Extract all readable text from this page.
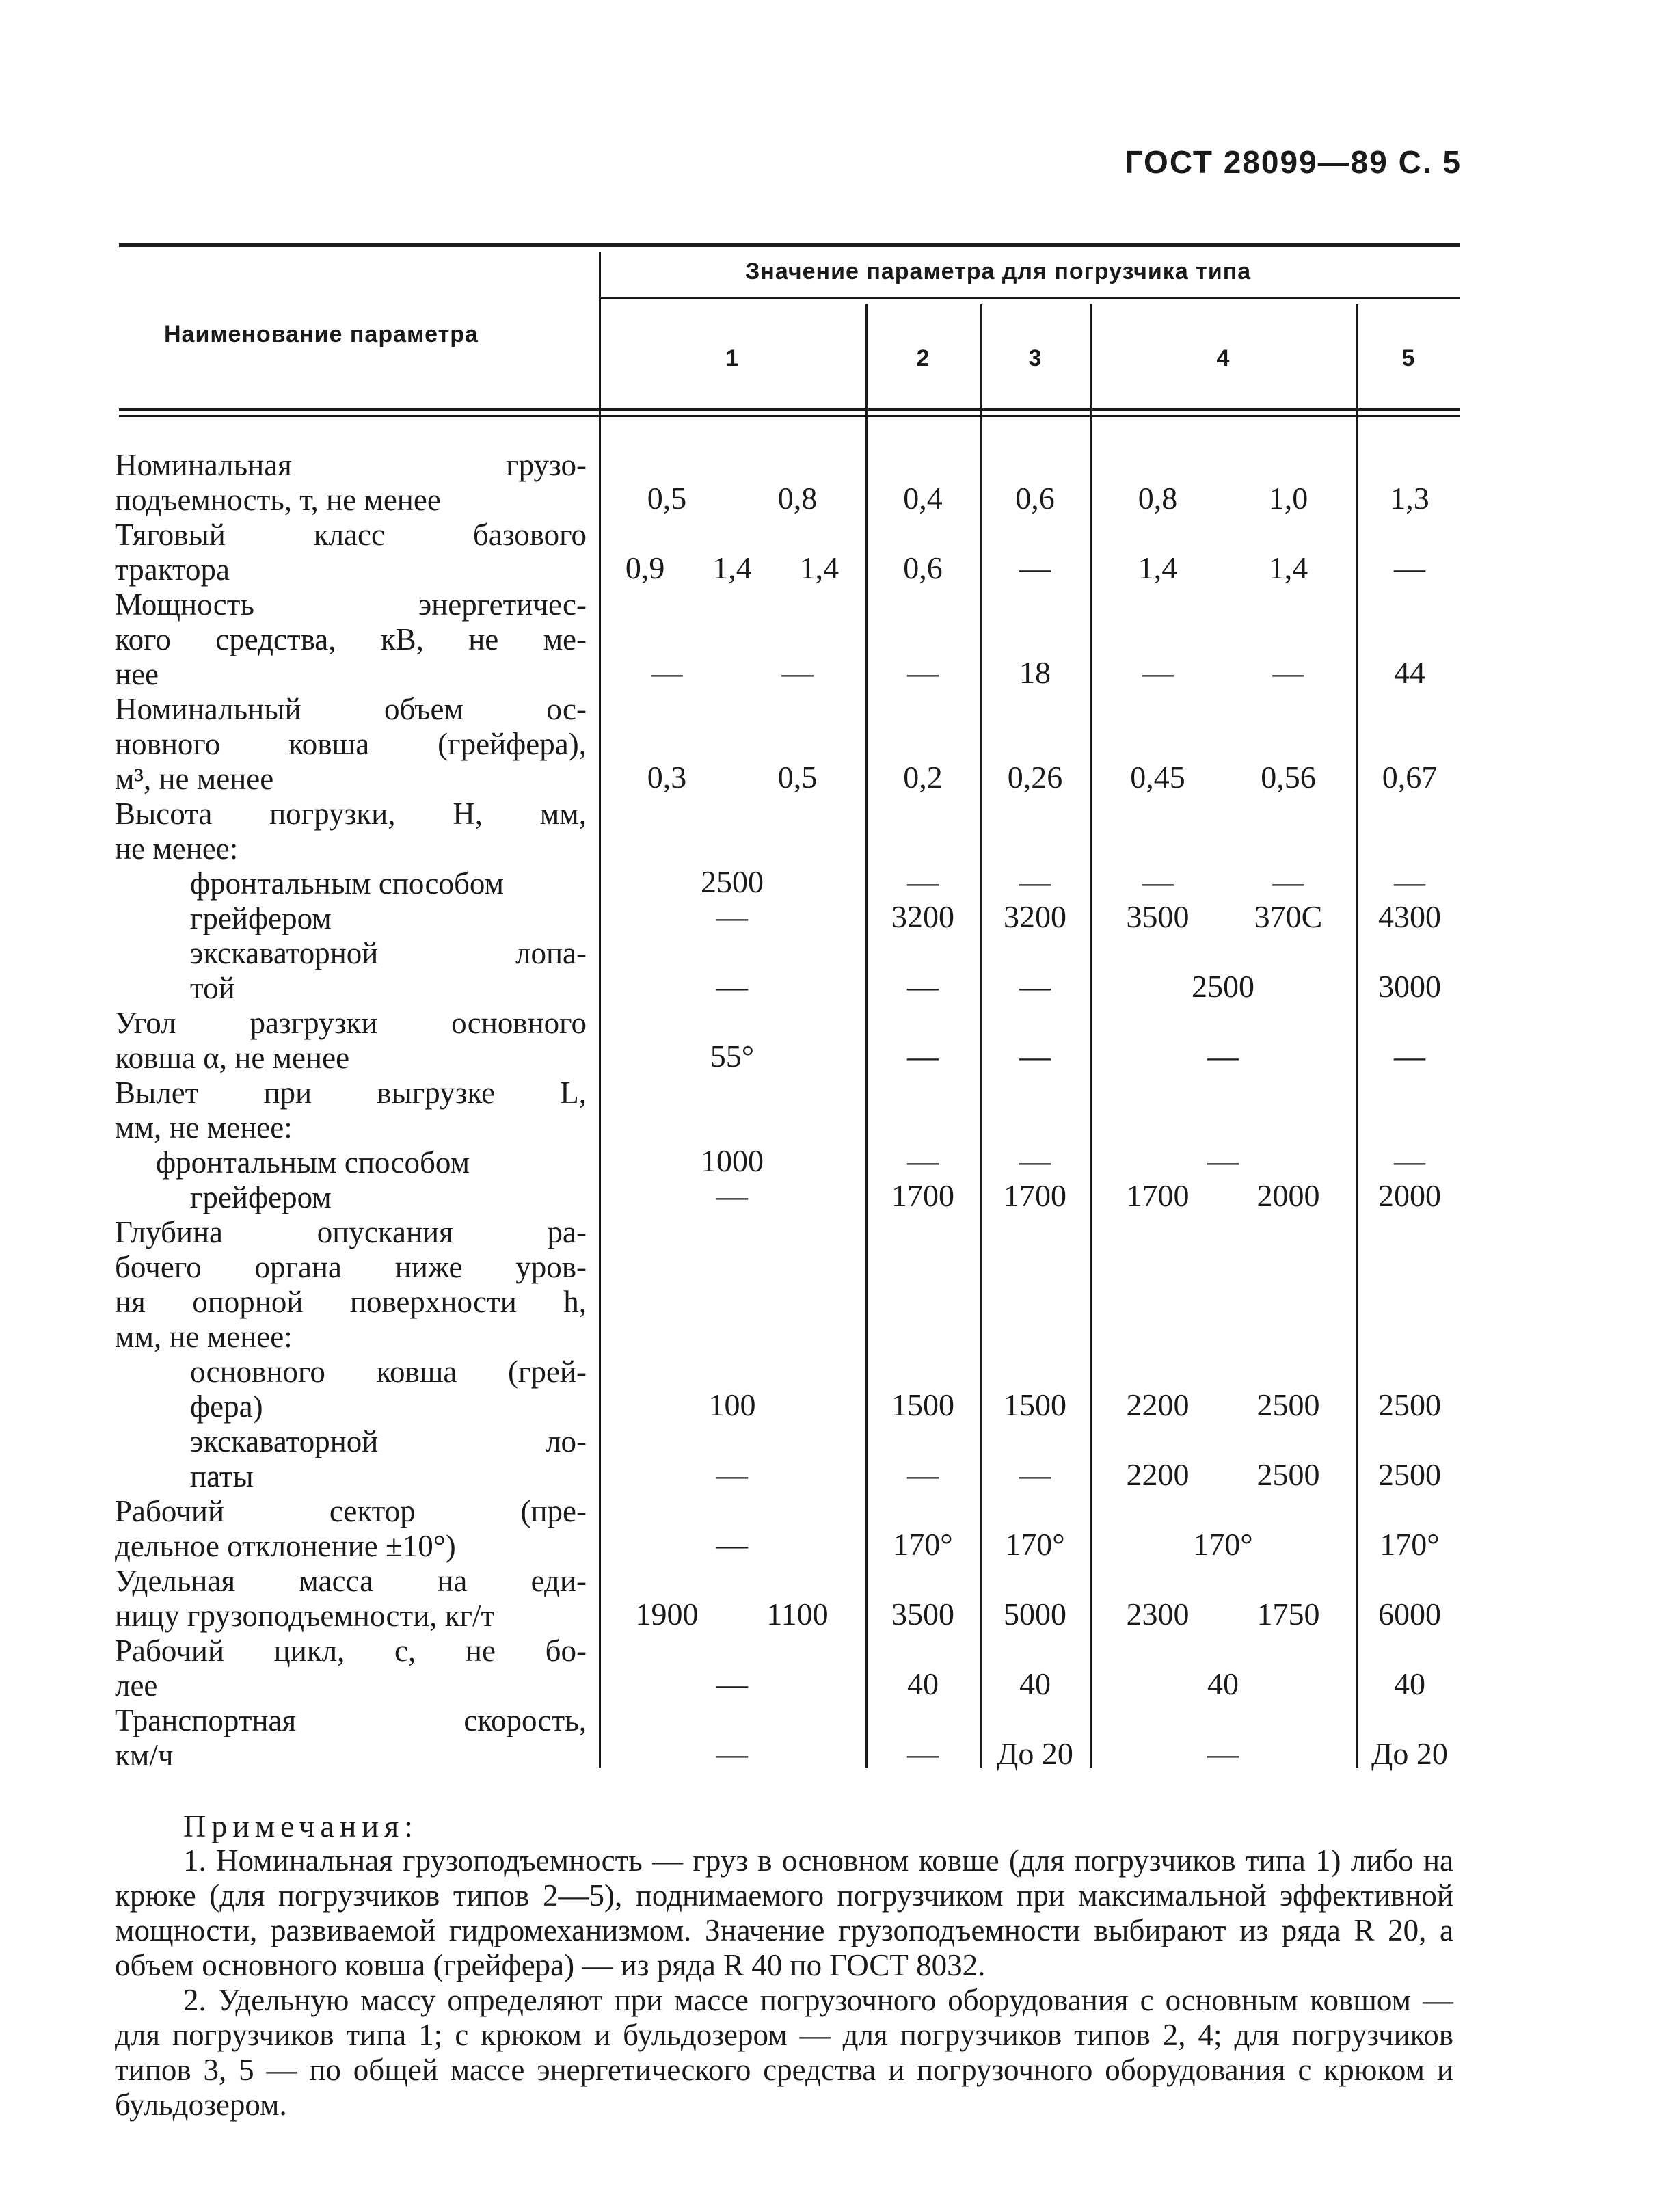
ГОСТ 28099—89 С. 5
Наименование параметра
Значение параметра для погрузчика типа
1	2	3	4	5
Номинальная грузо-
подъемность, т, не менее	0,5	0,8	0,4	0,6	0,8	1,0	1,3
Тяговый класс базового
трактора	0,9	1,4	1,4	0,6	—	1,4	1,4	—
Мощность энергетичес-
кого средства, кВ, не ме-
нее	—	—	—	18	—	—	44
Номинальный объем ос-
новного ковша (грейфера),
м³, не менее	0,3	0,5	0,2	0,26	0,45	0,56	0,67
Высота погрузки, Н, мм,
не менее:
фронтальным способом	2500	—	—	—	—	—
грейфером	—	3200	3200	3500	370С	4300
экскаваторной лопа-
той	—	—	—	2500	3000
Угол разгрузки основного
ковша α, не менее	55°	—	—	—	—
Вылет при выгрузке L,
мм, не менее:
фронтальным способом	1000	—	—	—	—
грейфером	—	1700	1700	1700	2000	2000
Глубина опускания ра-
бочего органа ниже уров-
ня опорной поверхности h,
мм, не менее:
основного ковша (грей-
фера)	100	1500	1500	2200	2500	2500
экскаваторной ло-
паты	—	—	—	2200	2500	2500
Рабочий сектор (пре-
дельное отклонение ±10°)	—	170°	170°	170°	170°
Удельная масса на еди-
ницу грузоподъемности, кг/т	1900	1100	3500	5000	2300	1750	6000
Рабочий цикл, с, не бо-
лее	—	40	40	40	40
Транспортная скорость,
км/ч	—	—	До 20	—	До 20
Примечания:
1. Номинальная грузоподъемность — груз в основном ковше (для погрузчиков типа 1) либо на крюке (для погрузчиков типов 2—5), поднимаемого погрузчиком при максимальной эффективной мощности, развиваемой гидромеханизмом. Значение грузоподъемности выбирают из ряда R 20, а объем основного ковша (грейфера) — из ряда R 40 по ГОСТ 8032.
2. Удельную массу определяют при массе погрузочного оборудования с основным ковшом — для погрузчиков типа 1; с крюком и бульдозером — для погрузчиков типов 2, 4; для погрузчиков типов 3, 5 — по общей массе энергетического средства и погрузочного оборудования с крюком и бульдозером.
